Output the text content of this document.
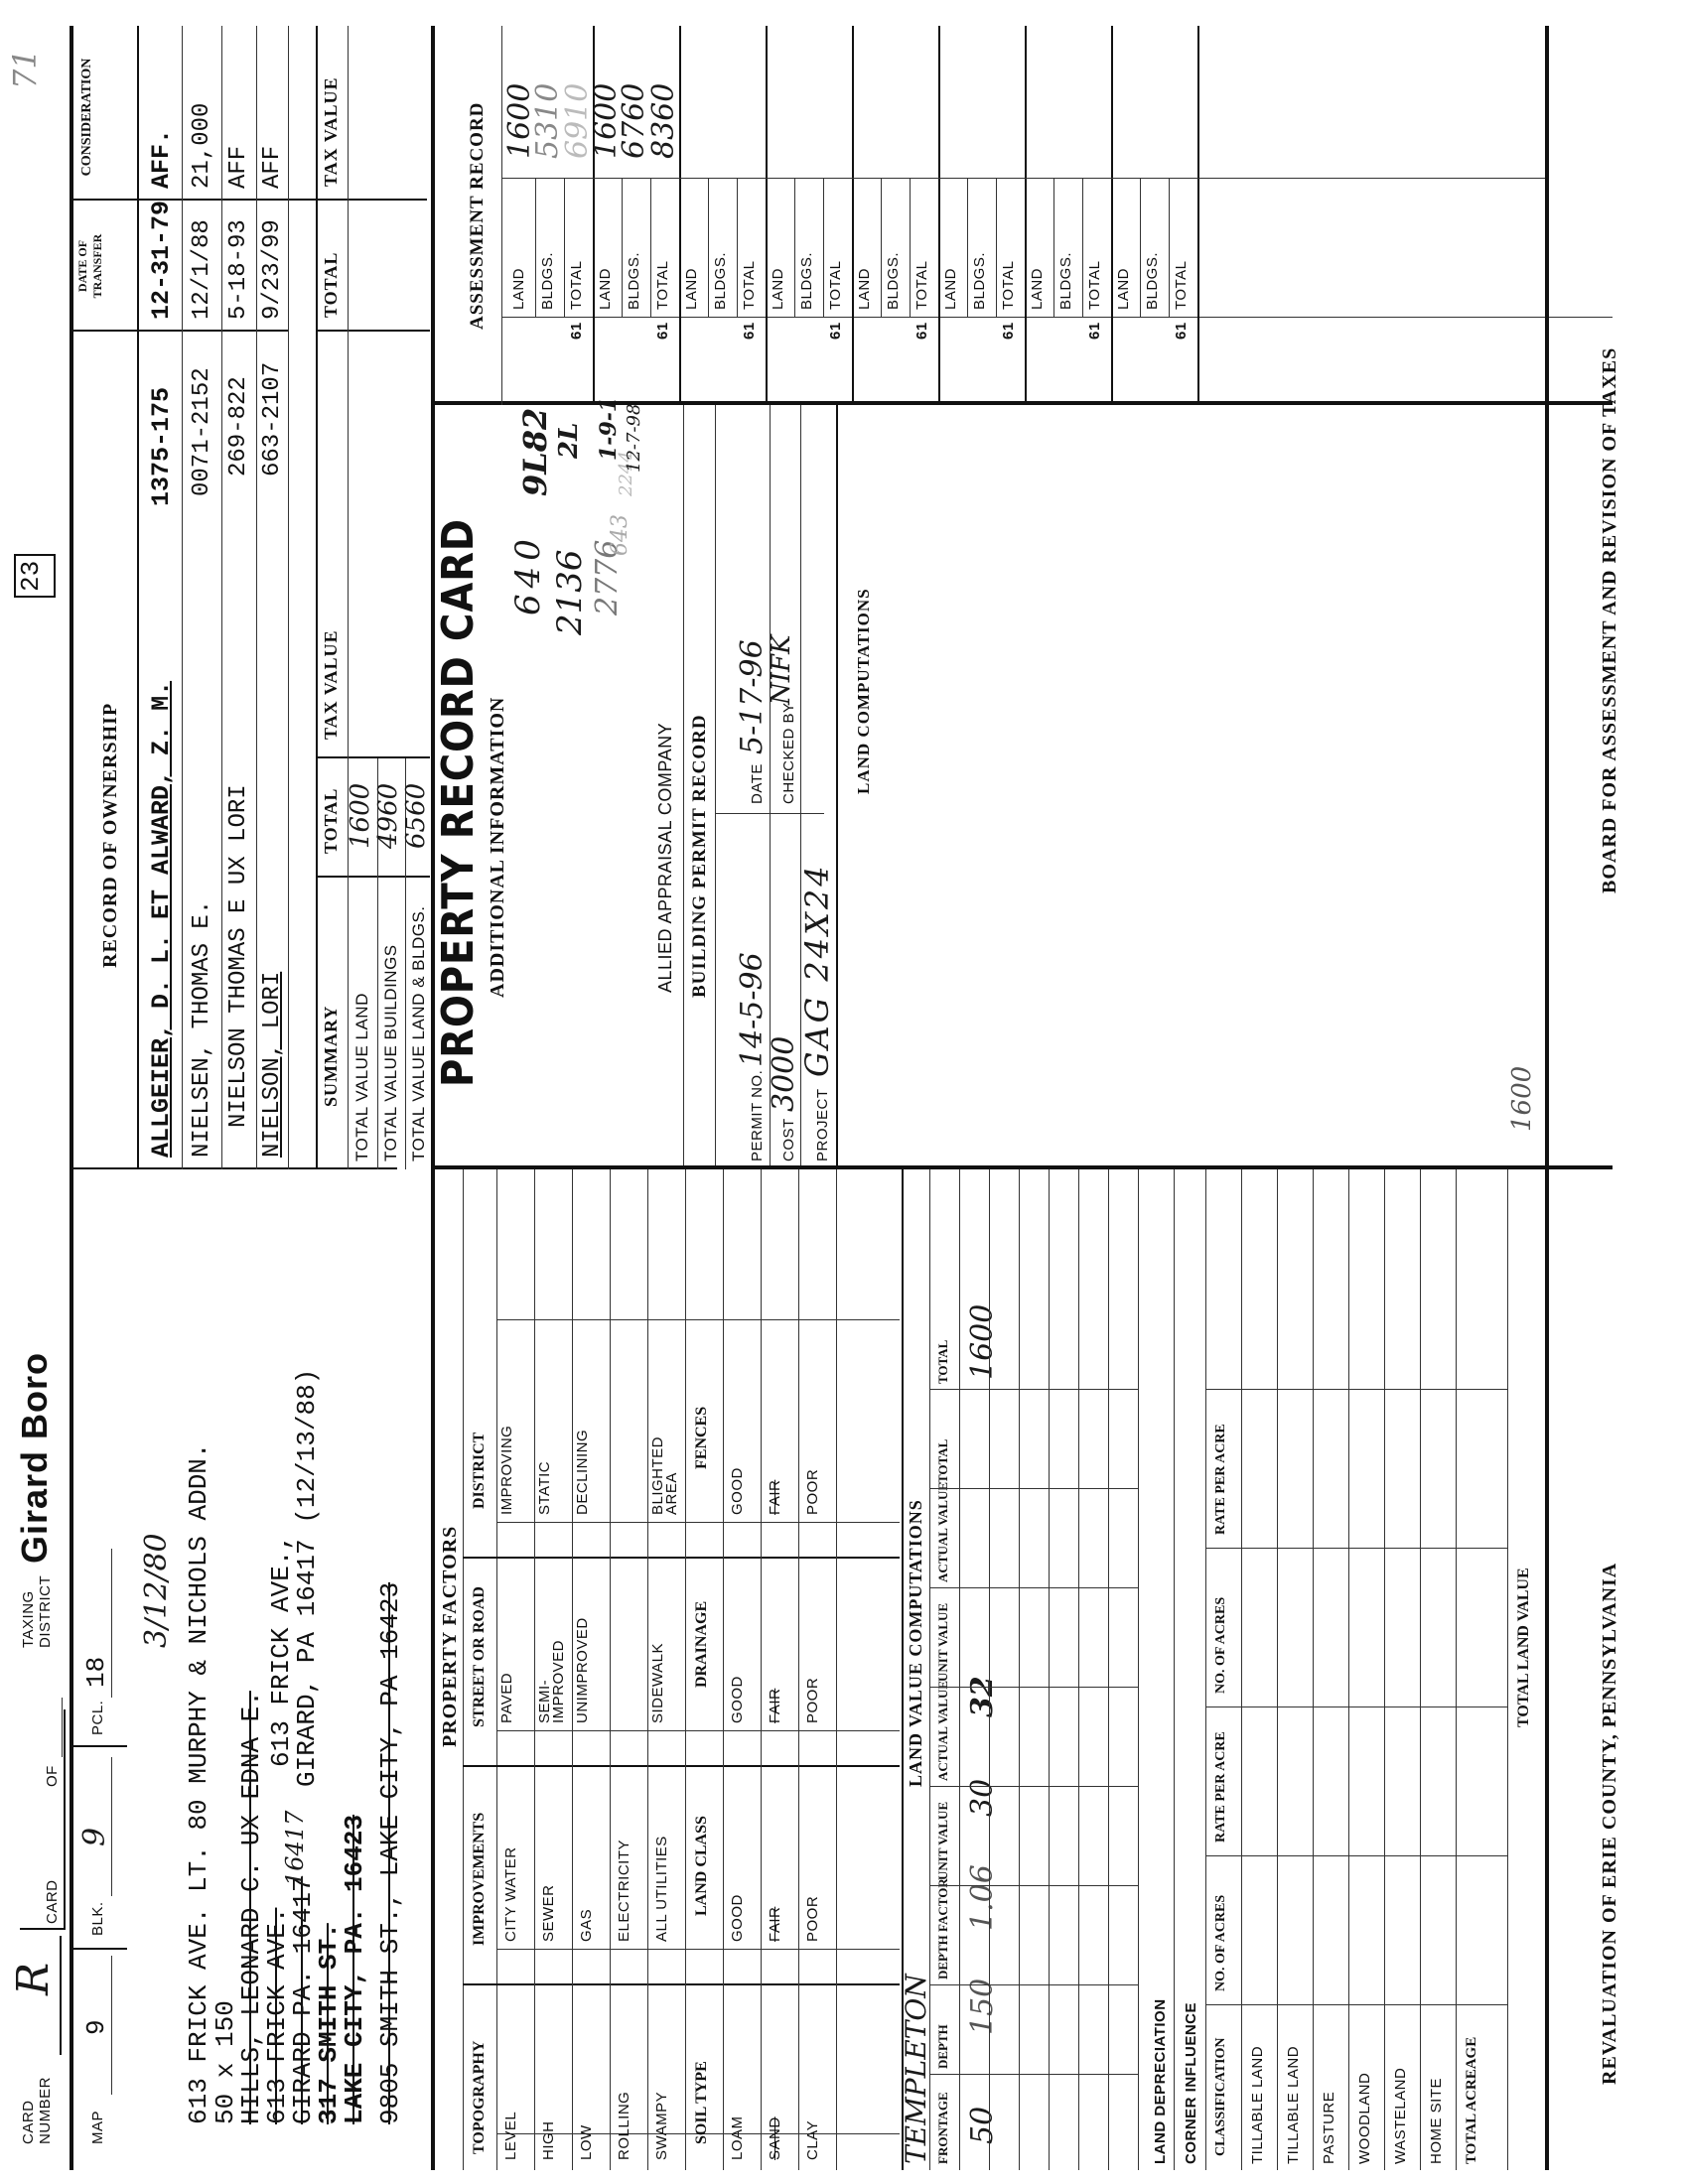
CARD
NUMBER
R
CARD
OF
TAXING
DISTRICT
Girard Boro
23
71
MAP
9
BLK.
9
PCL.
18
3/12/80 613 FRICK AVE. LT. 80 MURPHY & NICHOLS ADDN.
50 x 150
HILLS, LEONARD C. UX EDNA E.
613 FRICK AVE.
GIRARD PA. 16417
16417
317 SMITH ST.
LAKE CITY, PA. 16423 9805 SMITH ST., LAKE CITY, PA 16423
613 FRICK AVE.,
GIRARD, PA 16417 (12/13/88)
RECORD OF OWNERSHIP
DATE OF
TRANSFER
CONSIDERATION
ALLGEIER, D. L. ET ALWARD, Z. M.
1375-175
12-31-79
AFF.
NIELSEN, THOMAS E.
0071-2152
12/1/88
21,000
NIELSON THOMAS E UX LORI
269-822
5-18-93
AFF
NIELSON, LORI
663-2107
9/23/99
AFF
SUMMARY
TOTAL
TAX VALUE
TOTAL
TAX VALUE
TOTAL VALUE LAND
1600
TOTAL VALUE BUILDINGS
4960
TOTAL VALUE LAND & BLDGS.
6560 PROPERTY RECORD CARD ADDITIONAL INFORMATION
640 2136 2776
643
2244
ALLIED APPRAISAL COMPANY BUILDING PERMIT RECORD
PERMIT NO.
14-5-96
DATE
5-17-96
COST
3000
CHECKED BY
NIFK
PROJECT
GAG 24X24
9L82 2L 1-9-1 12-7-98
LAND COMPUTATIONS
ASSESSMENT RECORD
PROPERTY FACTORS
TOPOGRAPHY
IMPROVEMENTS
STREET OR ROAD
DISTRICT
TEMPLETON
LAND VALUE COMPUTATIONS
50
150
1.06
30
32
1600
LAND DEPRECIATION CORNER INFLUENCE
TOTAL LAND VALUE
1600
REVALUATION OF ERIE COUNTY, PENNSYLVANIA
BOARD FOR ASSESSMENT AND REVISION OF TAXES
LEVEL HIGH LOW ROLLING SWAMPY
CITY WATER SEWER GAS ELECTRICITY ALL UTILITIES
PAVED SEMI-
IMPROVED UNIMPROVED	SIDEWALK
IMPROVING STATIC DECLINING	BLIGHTED
AREA
SOIL TYPE
LAND CLASS
DRAINAGE
FENCES
LOAM SAND CLAY
GOOD FAIR POOR
GOOD FAIR POOR
GOOD FAIR POOR
FRONTAGE
DEPTH
DEPTH FACTOR
UNIT VALUE
ACTUAL VALUE
UNIT VALUE
ACTUAL VALUE
TOTAL
TOTAL
CLASSIFICATION
NO. OF ACRES
RATE PER ACRE
NO. OF ACRES
RATE PER ACRE
TILLABLE LAND TILLABLE LAND PASTURE WOODLAND WASTELAND HOME SITE TOTAL ACREAGE
LAND BLDGS. TOTAL
61
1600
5310
6910
LAND BLDGS. TOTAL
61
1600
6760
8360
LAND BLDGS. TOTAL
61
LAND BLDGS. TOTAL
61
LAND BLDGS. TOTAL
61
LAND BLDGS. TOTAL
61
LAND BLDGS. TOTAL
61
LAND BLDGS. TOTAL
61
